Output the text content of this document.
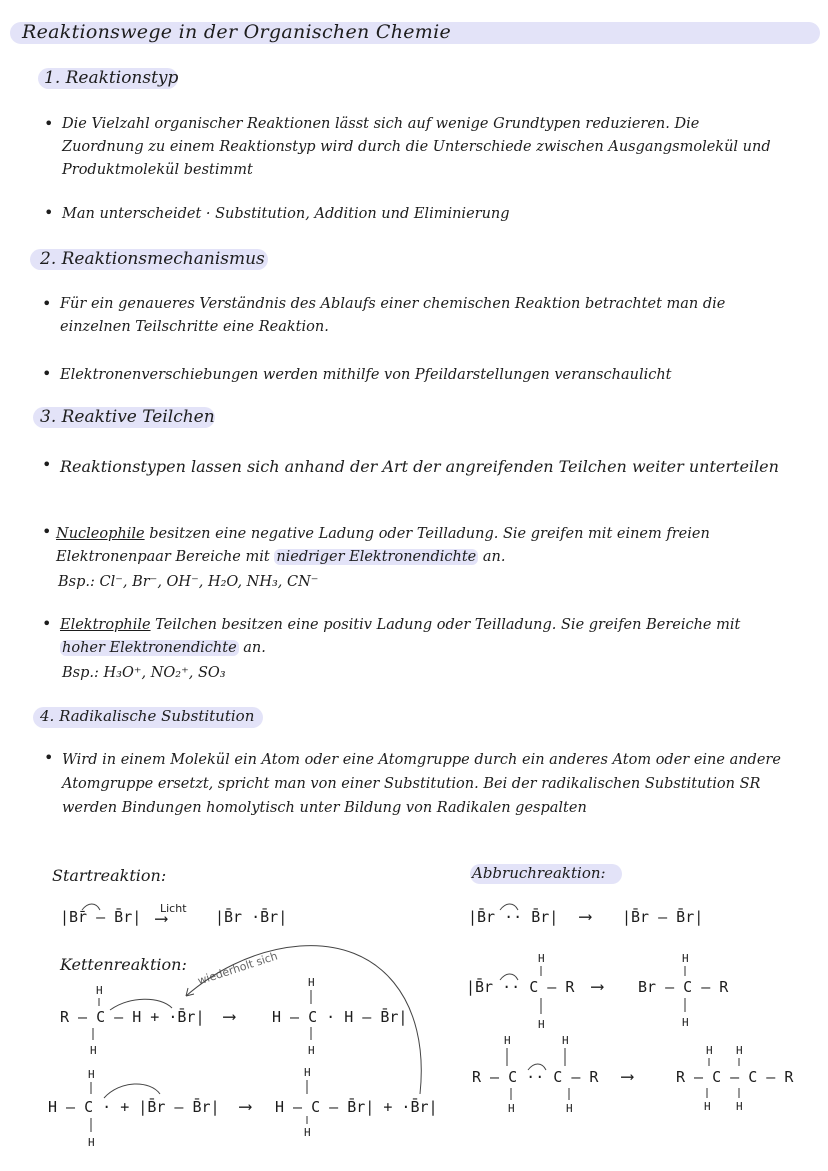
Reaktionswege in der Organischen Chemie
1. Reaktionstyp
• Die Vielzahl organischer Reaktionen lässt sich auf wenige Grundtypen reduzieren. Die Zuordnung zu einem Reaktionstyp wird durch die Unterschiede zwischen Ausgangsmolekül und Produktmolekül bestimmt
• Man unterscheidet · Substitution, Addition und Eliminierung
2. Reaktionsmechanismus
• Für ein genaueres Verständnis des Ablaufs einer chemischen Reaktion betrachtet man die einzelnen Teilschritte eine Reaktion.
• Elektronenverschiebungen werden mithilfe von Pfeildarstellungen veranschaulicht
3. Reaktive Teilchen
• Reaktionstypen lassen sich anhand der Art der angreifenden Teilchen weiter unterteilen
• Nucleophile besitzen eine negative Ladung oder Teilladung. Sie greifen mit einem freien Elektronenpaar Bereiche mit niedriger Elektronendichte an.
Bsp.: Cl⁻, Br⁻, OH⁻, H₂O, NH₃, CN⁻
• Elektrophile Teilchen besitzen eine positiv Ladung oder Teilladung. Sie greifen Bereiche mit hoher Elektronendichte an.
Bsp.: H₃O⁺, NO₂⁺, SO₃
4. Radikalische Substitution
• Wird in einem Molekül ein Atom oder eine Atomgruppe durch ein anderes Atom oder eine andere Atomgruppe ersetzt, spricht man von einer Substitution. Bei der radikalischen Substitution SR werden Bindungen homolytisch unter Bildung von Radikalen gespalten
Startreaktion:
|Br̄ – B̄r| Licht
⟶	|B̄r ·B̄r|
Kettenreaktion: wiederholt sich
R – C – H + ·B̄r| ⟶ H – C · H – B̄r|
H
H
H
H
H – C · + |B̄r – B̄r| ⟶ H – C – B̄r| + ·B̄r|
H
H
H
H
Abbruchreaktion:
|B̄r ·· B̄r| ⟶ |B̄r – B̄r|
|B̄r ·· C – R ⟶ Br – C – R
H
H
H
H
R – C ·· C – R ⟶	R – C – C – R
H
H
H
H
H H
H H
